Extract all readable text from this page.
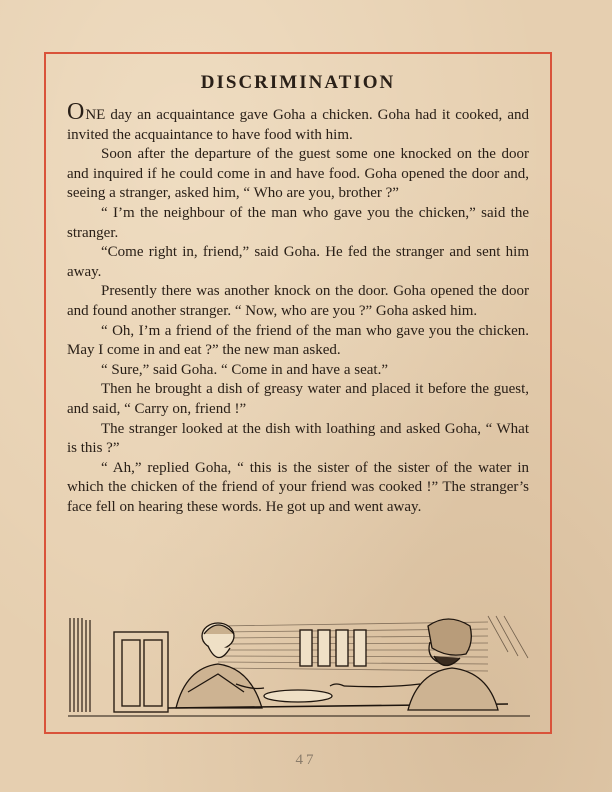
DISCRIMINATION

ONE day an acquaintance gave Goha a chicken. Goha had it cooked, and invited the acquaintance to have food with him.

Soon after the departure of the guest some one knocked on the door and inquired if he could come in and have food. Goha opened the door and, seeing a stranger, asked him, “ Who are you, brother ?”

“ I’m the neighbour of the man who gave you the chicken,” said the stranger.

“Come right in, friend,” said Goha. He fed the stranger and sent him away.

Presently there was another knock on the door. Goha opened the door and found another stranger. “ Now, who are you ?” Goha asked him.

“ Oh, I’m a friend of the friend of the man who gave you the chicken. May I come in and eat ?” the new man asked.

“ Sure,” said Goha. “ Come in and have a seat.”

Then he brought a dish of greasy water and placed it before the guest, and said, “ Carry on, friend !”

The stranger looked at the dish with loathing and asked Goha, “ What is this ?”

“ Ah,” replied Goha, “ this is the sister of the sister of the water in which the chicken of the friend of your friend was cooked !” The stranger’s face fell on hearing these words. He got up and went away.

47
